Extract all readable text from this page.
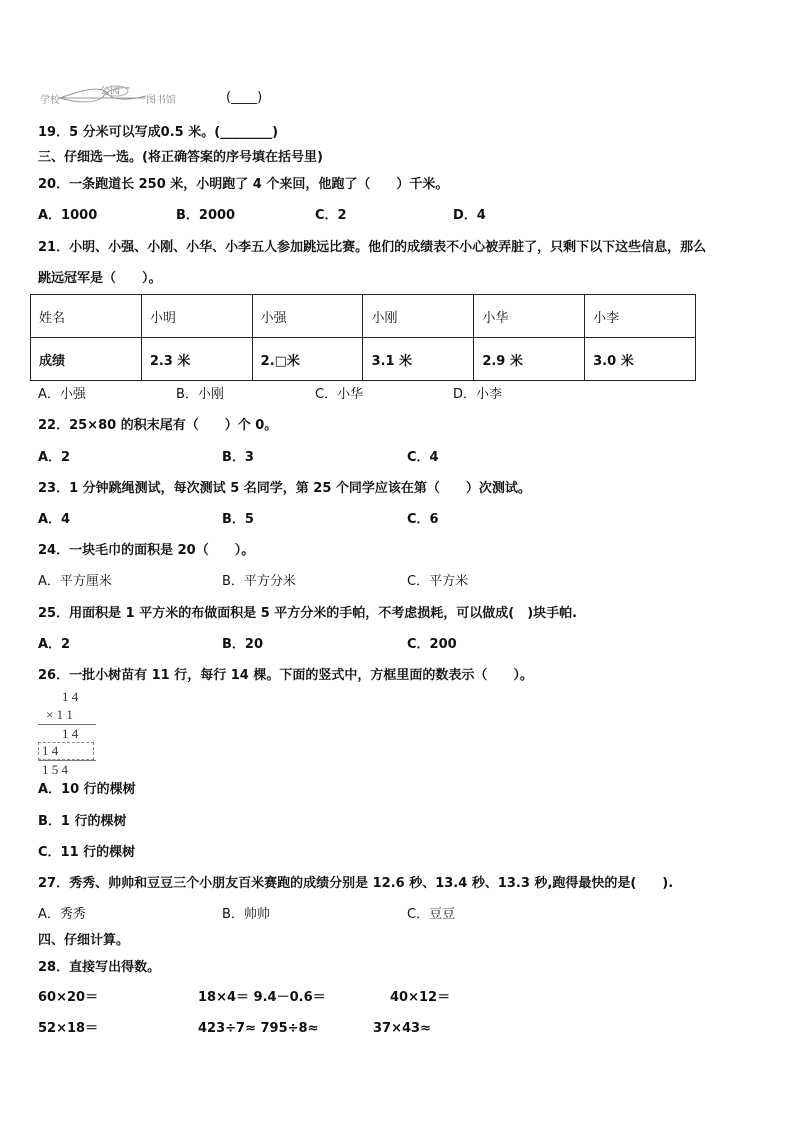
学校
公园
图书馆	(____)
19．5 分米可以写成0.5 米。(________)
三、仔细选一选。(将正确答案的序号填在括号里)
20．一条跑道长 250 米，小明跑了 4 个来回，他跑了（　　）千米。
A．1000	B．2000	C．2	D．4
21．小明、小强、小刚、小华、小李五人参加跳远比赛。他们的成绩表不小心被弄脏了，只剩下以下这些信息，那么
跳远冠军是（　　）。
姓名	小明	小强	小刚	小华	小李
成绩	2.3 米	2.□米	3.1 米	2.9 米	3.0 米
A．小强	B．小刚	C．小华	D．小李
22．25×80 的积末尾有（　　）个 0。
A．2	B．3	C．4
23．1 分钟跳绳测试，每次测试 5 名同学，第 25 个同学应该在第（　　）次测试。
A．4	B．5	C．6
24．一块毛巾的面积是 20（　　）。
A．平方厘米	B．平方分米	C．平方米
25．用面积是 1 平方米的布做面积是 5 平方分米的手帕，不考虑损耗，可以做成(　)块手帕.
A．2	B．20	C．200
26．一批小树苗有 11 行，每行 14 棵。下面的竖式中，方框里面的数表示（　　）。
1 4
× 1 1
1 4
1 4
1 5 4
A．10 行的棵树
B．1 行的棵树
C．11 行的棵树
27．秀秀、帅帅和豆豆三个小朋友百米赛跑的成绩分别是 12.6 秒、13.4 秒、13.3 秒,跑得最快的是(　　).
A．秀秀	B．帅帅	C．豆豆
四、仔细计算。
28．直接写出得数。
60×20＝	18×4＝ 9.4－0.6＝	40×12＝
52×18＝	423÷7≈ 795÷8≈	37×43≈
